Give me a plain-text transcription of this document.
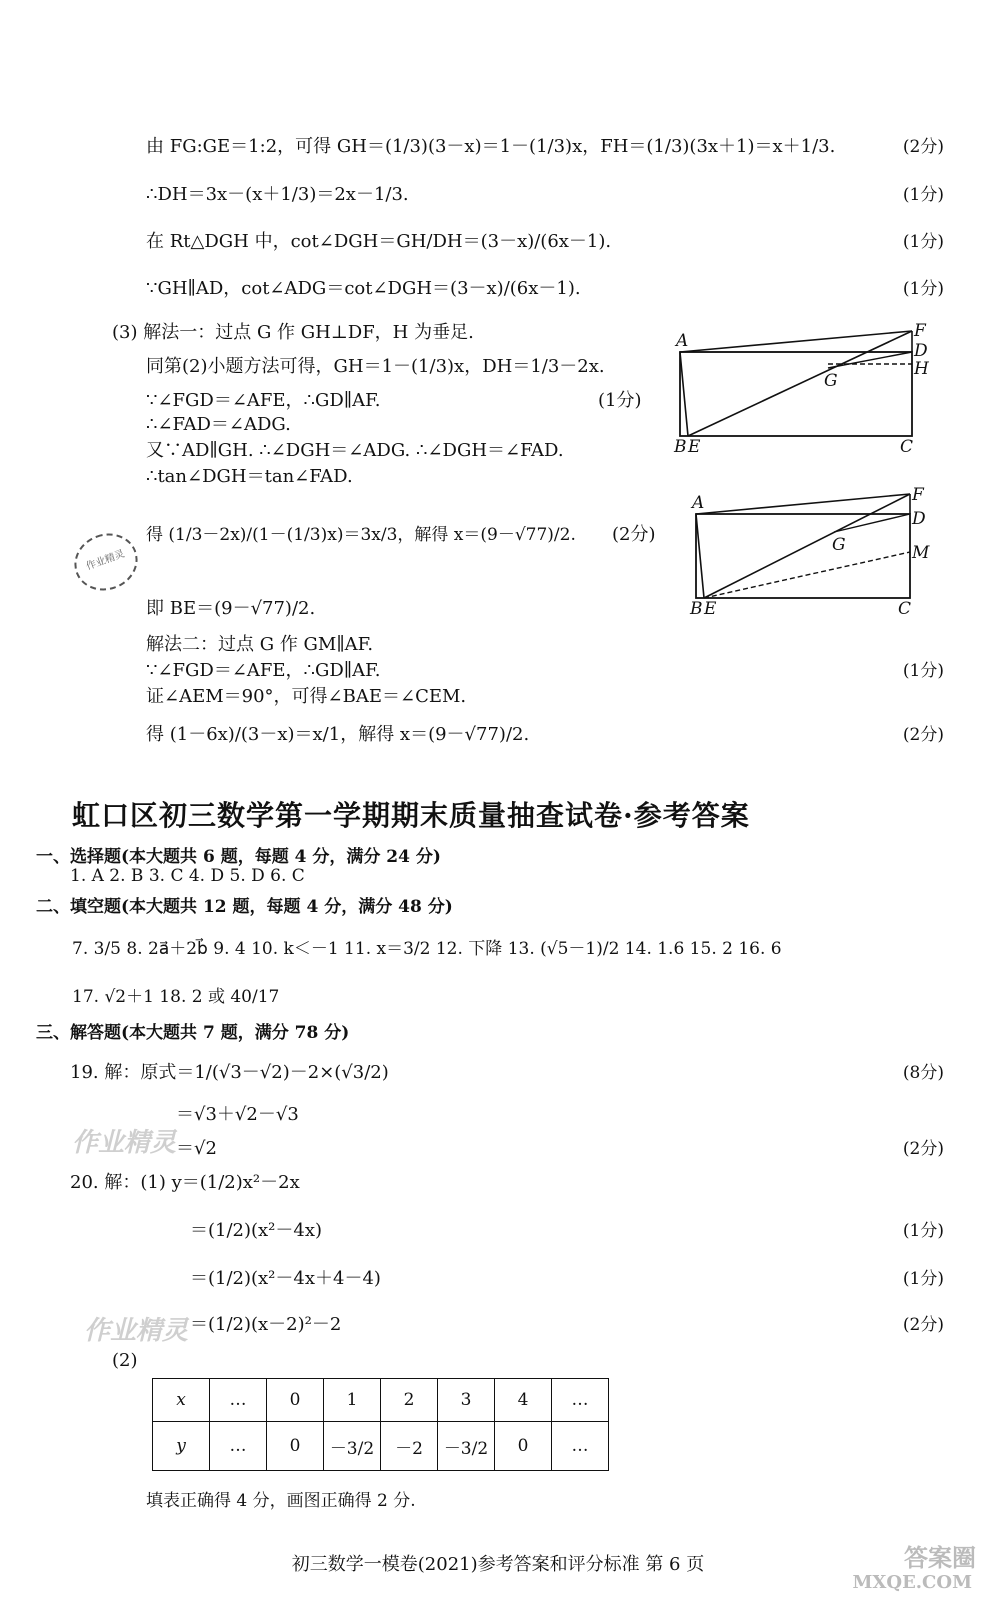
由 FG:GE＝1:2，可得 GH＝(1/3)(3－x)＝1－(1/3)x，FH＝(1/3)(3x＋1)＝x＋1/3.	(2分)
∴DH＝3x－(x＋1/3)＝2x－1/3.	(1分)
在 Rt△DGH 中，cot∠DGH＝GH/DH＝(3－x)/(6x－1).	(1分)
∵GH∥AD，cot∠ADG＝cot∠DGH＝(3－x)/(6x－1).	(1分)
(3) 解法一：过点 G 作 GH⊥DF，H 为垂足.
同第(2)小题方法可得，GH＝1－(1/3)x，DH＝1/3－2x.
∵∠FGD＝∠AFE，∴GD∥AF.	(1分)
∴∠FAD＝∠ADG.
又∵AD∥GH. ∴∠DGH＝∠ADG. ∴∠DGH＝∠FAD.
∴tan∠DGH＝tan∠FAD.
得 (1/3－2x)/(1－(1/3)x)＝3x/3，解得 x＝(9－√77)/2. (2分)
即 BE＝(9－√77)/2.
解法二：过点 G 作 GM∥AF.
∵∠FGD＝∠AFE，∴GD∥AF.	(1分)
证∠AEM＝90°，可得∠BAE＝∠CEM.
得 (1－6x)/(3－x)＝x/1，解得 x＝(9－√77)/2.	(2分)
作业精灵
A	F
D
H
G
B E	C
A	F
D
G	M
B E	C
虹口区初三数学第一学期期末质量抽查试卷·参考答案
一、选择题(本大题共 6 题，每题 4 分，满分 24 分)
1. A 2. B 3. C 4. D 5. D 6. C
二、填空题(本大题共 12 题，每题 4 分，满分 48 分)
7. 3/5 8. 2a⃗＋2b⃗ 9. 4 10. k＜－1 11. x＝3/2 12. 下降 13. (√5－1)/2 14. 1.6 15. 2 16. 6
17. √2＋1 18. 2 或 40/17
三、解答题(本大题共 7 题，满分 78 分)
19. 解：原式＝1/(√3－√2)－2×(√3/2)	(8分)
＝√3＋√2－√3
＝√2	(2分)
作业精灵
20. 解：(1) y＝(1/2)x²－2x
＝(1/2)(x²－4x)	(1分)
＝(1/2)(x²－4x＋4－4)	(1分)
＝(1/2)(x－2)²－2	(2分)
作业精灵
(2)
x	…	0	1	2	3	4	…
y	…	0	－3/2	－2	－3/2	0	…
填表正确得 4 分，画图正确得 2 分.
初三数学一模卷(2021)参考答案和评分标准 第 6 页	答案圈
MXQE.COM
